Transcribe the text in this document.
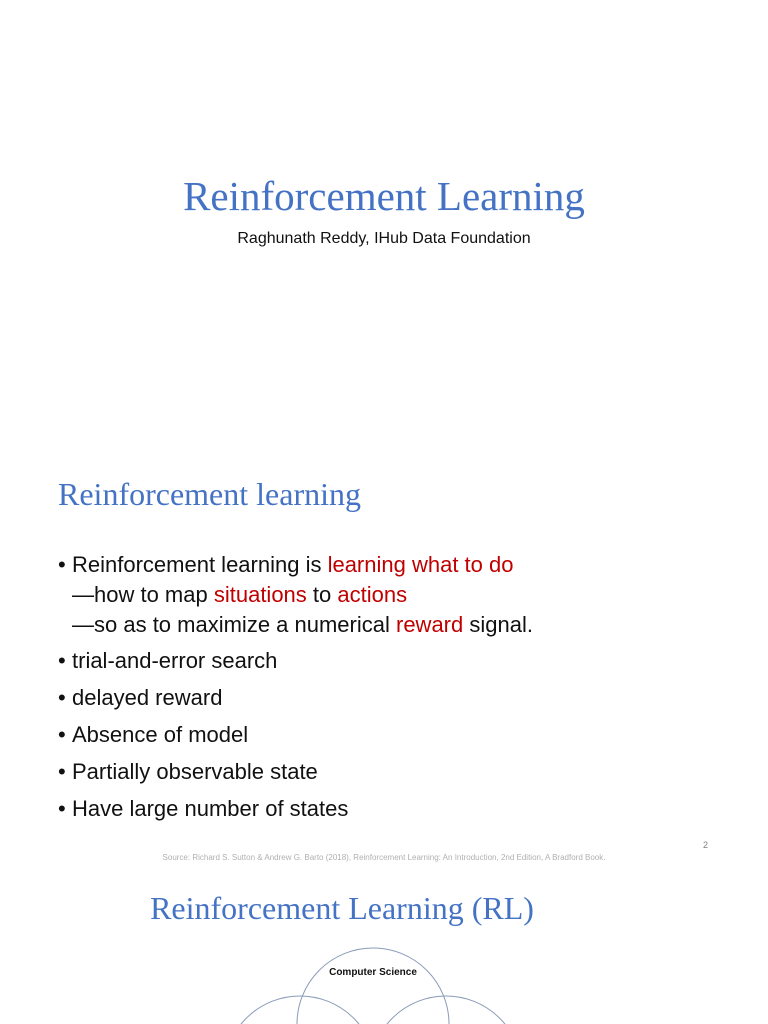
Reinforcement Learning
Raghunath Reddy, IHub Data Foundation
Reinforcement learning
• Reinforcement learning is learning what to do
—how to map situations to actions
—so as to maximize a numerical reward signal.
• trial-and-error search
• delayed reward
• Absence of model
• Partially observable state
• Have large number of states
Source: Richard S. Sutton & Andrew G. Barto (2018), Reinforcement Learning: An Introduction, 2nd Edition, A Bradford Book.
2
Reinforcement Learning (RL)
Computer Science
